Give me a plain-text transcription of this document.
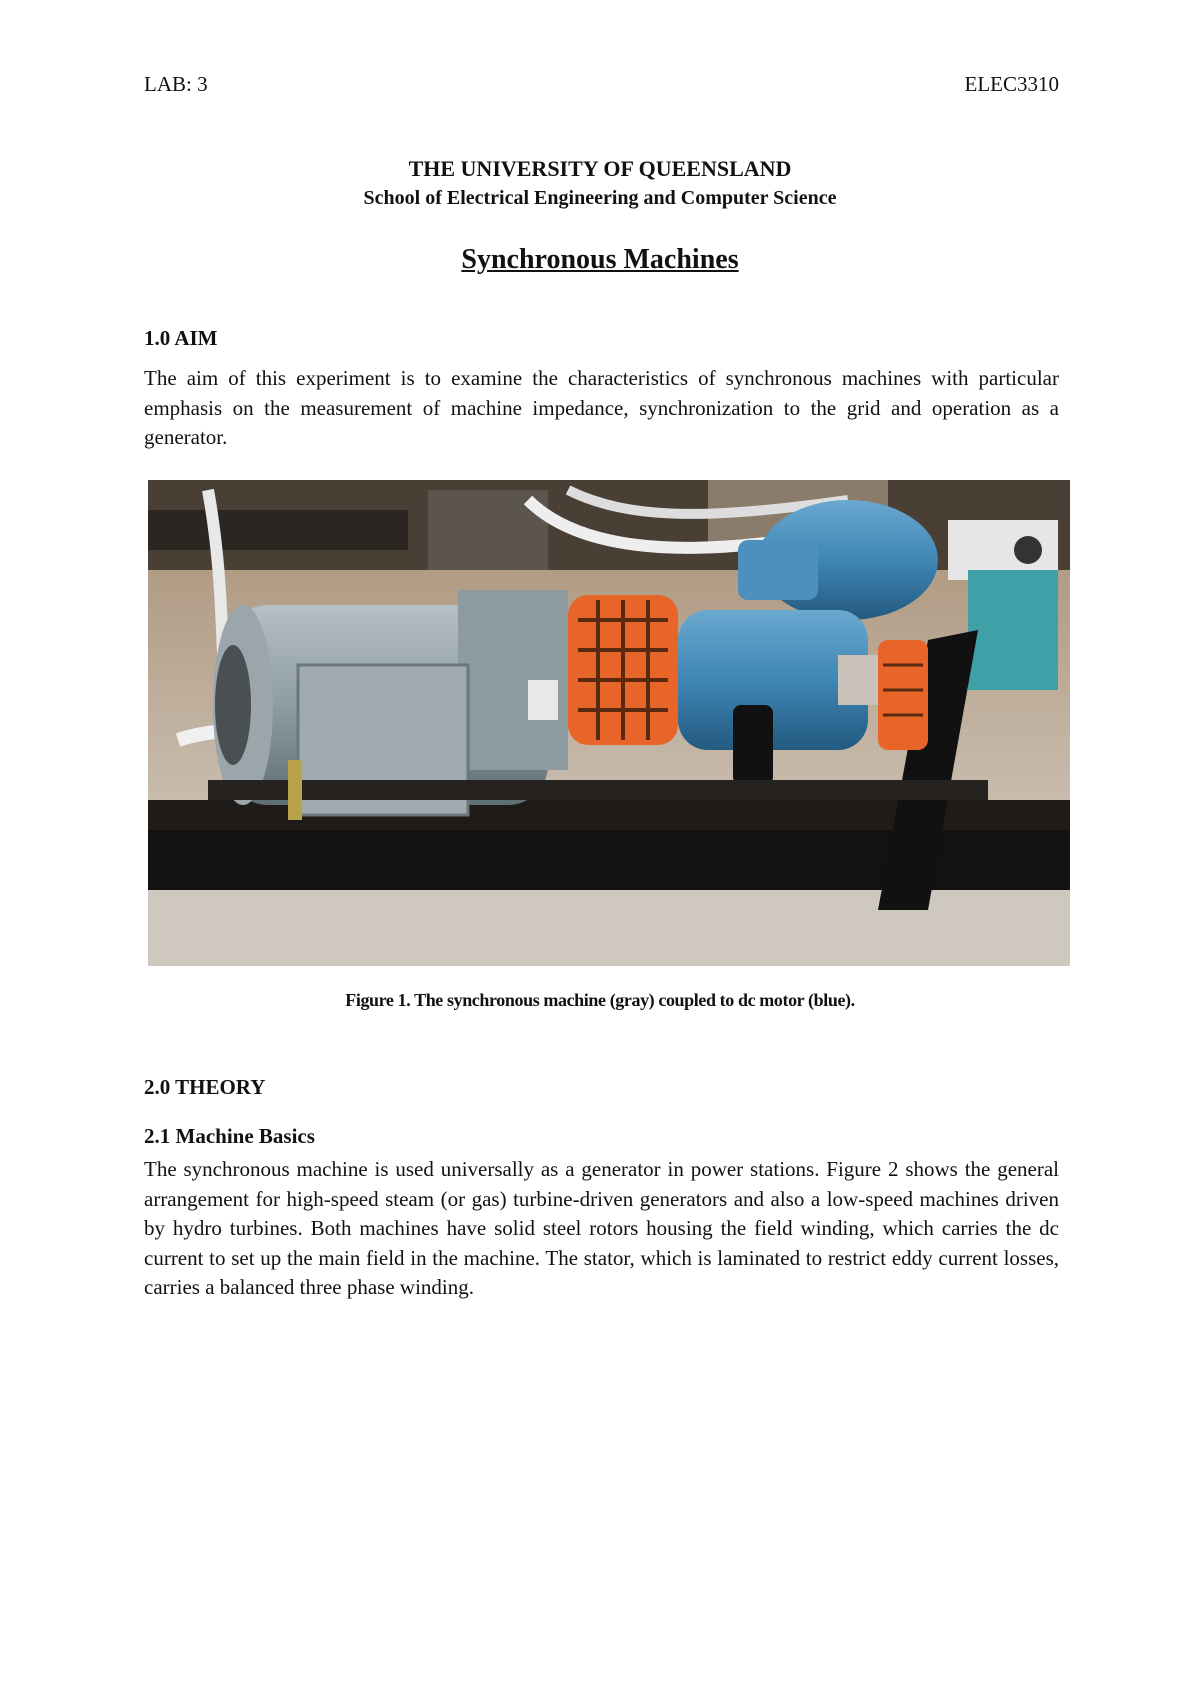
LAB: 3	ELEC3310
THE UNIVERSITY OF QUEENSLAND
School of Electrical Engineering and Computer Science
Synchronous Machines
1.0 AIM
The aim of this experiment is to examine the characteristics of synchronous machines with particular emphasis on the measurement of machine impedance, synchronization to the grid and operation as a generator.
Figure 1. The synchronous machine (gray) coupled to dc motor (blue).
2.0 THEORY
2.1 Machine Basics
The synchronous machine is used universally as a generator in power stations. Figure 2 shows the general arrangement for high-speed steam (or gas) turbine-driven generators and also a low-speed machines driven by hydro turbines. Both machines have solid steel rotors housing the field winding, which carries the dc current to set up the main field in the machine. The stator, which is laminated to restrict eddy current losses, carries a balanced three phase winding.
